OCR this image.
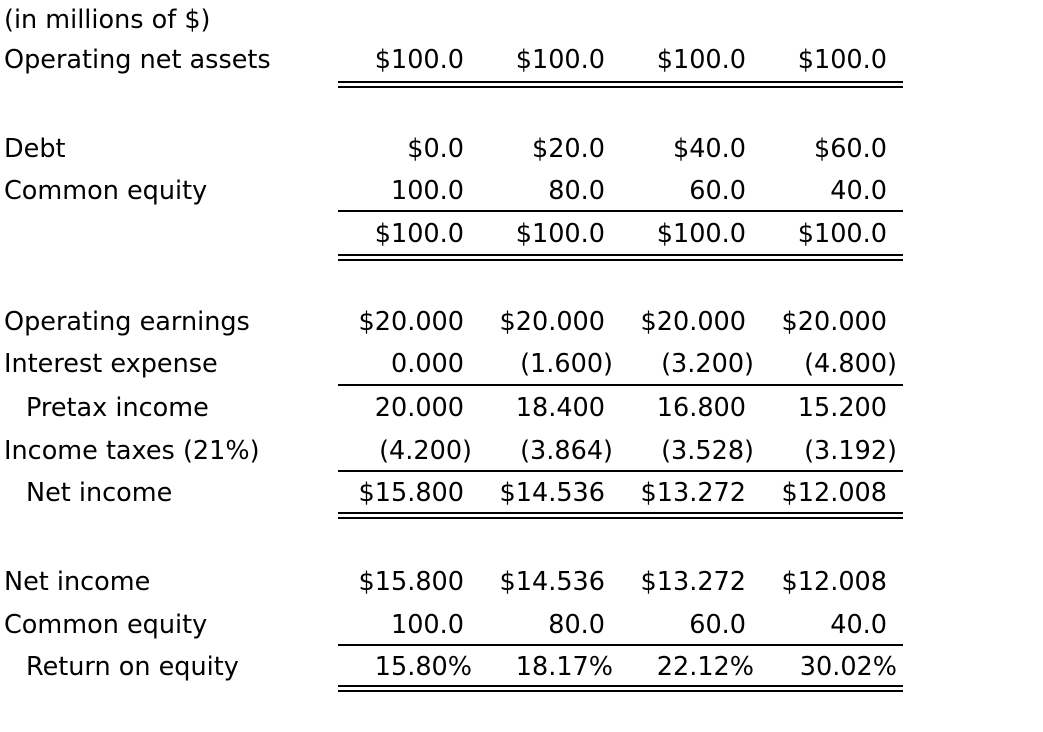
(in millions of $)
Operating net assets	$100.0 $100.0 $100.0 $100.0
Debt	$0.0	$20.0	$40.0	$60.0
Common equity	100.0	80.0	60.0	40.0
$100.0 $100.0 $100.0 $100.0
Operating earnings	$20.000 $20.000 $20.000 $20.000
Interest expense	0.000 (1.600) (3.200) (4.800)
Pretax income	20.000 18.400 16.800 15.200
Income taxes (21%)	(4.200) (3.864) (3.528) (3.192)
Net income	$15.800 $14.536 $13.272 $12.008
Net income	$15.800 $14.536 $13.272 $12.008
Common equity	100.0	80.0	60.0	40.0
Return on equity	15.80% 18.17% 22.12% 30.02%
